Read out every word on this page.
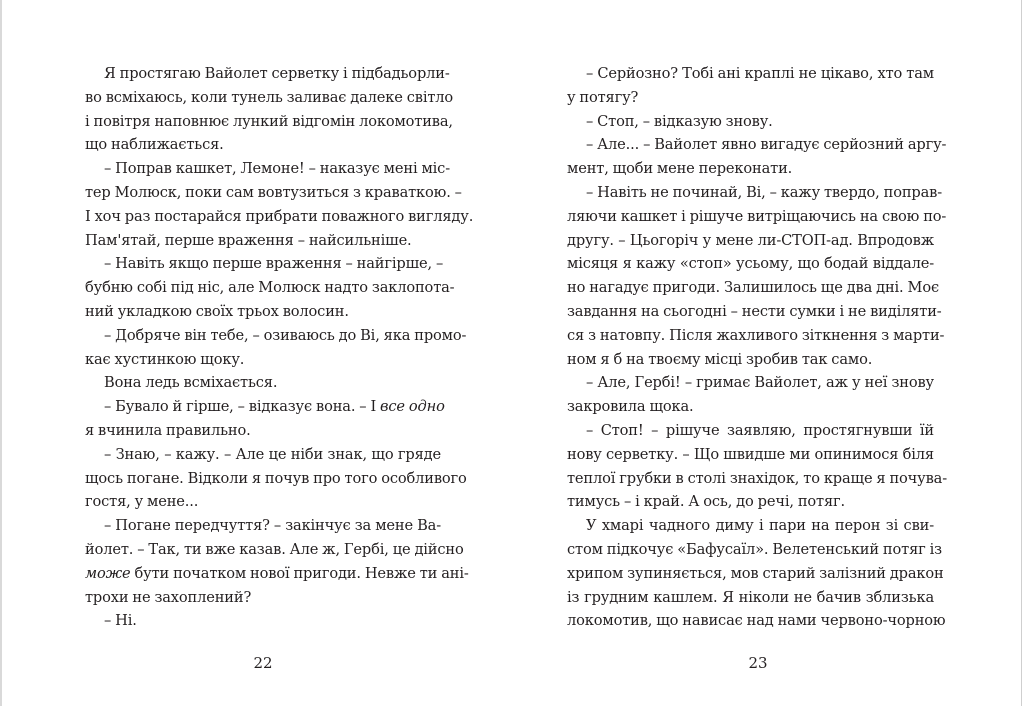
Я простягаю Вайолет серветку і підбадьорли-
во всміхаюсь, коли тунель заливає далеке світло
і повітря наповнює лункий відгомін локомотива,
що наближається.
– Поправ кашкет, Лемоне! – наказує мені міс-
тер Молюск, поки сам вовтузиться з краваткою. –
І хоч раз постарайся прибрати поважного вигляду.
Пам'ятай, перше враження – найсильніше.
– Навіть якщо перше враження – найгірше, –
бубню собі під ніс, але Молюск надто заклопота-
ний укладкою своїх трьох волосин.
– Добряче він тебе, – озиваюсь до Ві, яка промо-
кає хустинкою щоку.
Вона ледь всміхається.
– Бувало й гірше, – відказує вона. – І все одно
я вчинила правильно.
– Знаю, – кажу. – Але це ніби знак, що гряде
щось погане. Відколи я почув про того особливого
гостя, у мене...
– Погане передчуття? – закінчує за мене Ва-
йолет. – Так, ти вже казав. Але ж, Гербі, це дійсно
може бути початком нової пригоди. Невже ти ані-
трохи не захоплений?
– Ні.
22
– Серйозно? Тобі ані краплі не цікаво, хто там
у потягу?
– Стоп, – відказую знову.
– Але... – Вайолет явно вигадує серйозний аргу-
мент, щоби мене переконати.
– Навіть не починай, Ві, – кажу твердо, поправ-
ляючи кашкет і рішуче витріщаючись на свою по-
другу. – Цьогоріч у мене ли-СТОП-ад. Впродовж
місяця я кажу «стоп» усьому, що бодай віддале-
но нагадує пригоди. Залишилось ще два дні. Моє
завдання на сьогодні – нести сумки і не виділяти-
ся з натовпу. Після жахливого зіткнення з марти-
ном я б на твоєму місці зробив так само.
– Але, Гербі! – гримає Вайолет, аж у неї знову
закровила щока.
– Стоп! – рішуче заявляю, простягнувши їй
нову серветку. – Що швидше ми опинимося біля
теплої грубки в столі знахідок, то краще я почува-
тимусь – і край. А ось, до речі, потяг.
У хмарі чадного диму і пари на перон зі сви-
стом підкочує «Бафусаїл». Велетенський потяг із
хрипом зупиняється, мов старий залізний дракон
із грудним кашлем. Я ніколи не бачив зблизька
локомотив, що нависає над нами червоно-чорною
23
